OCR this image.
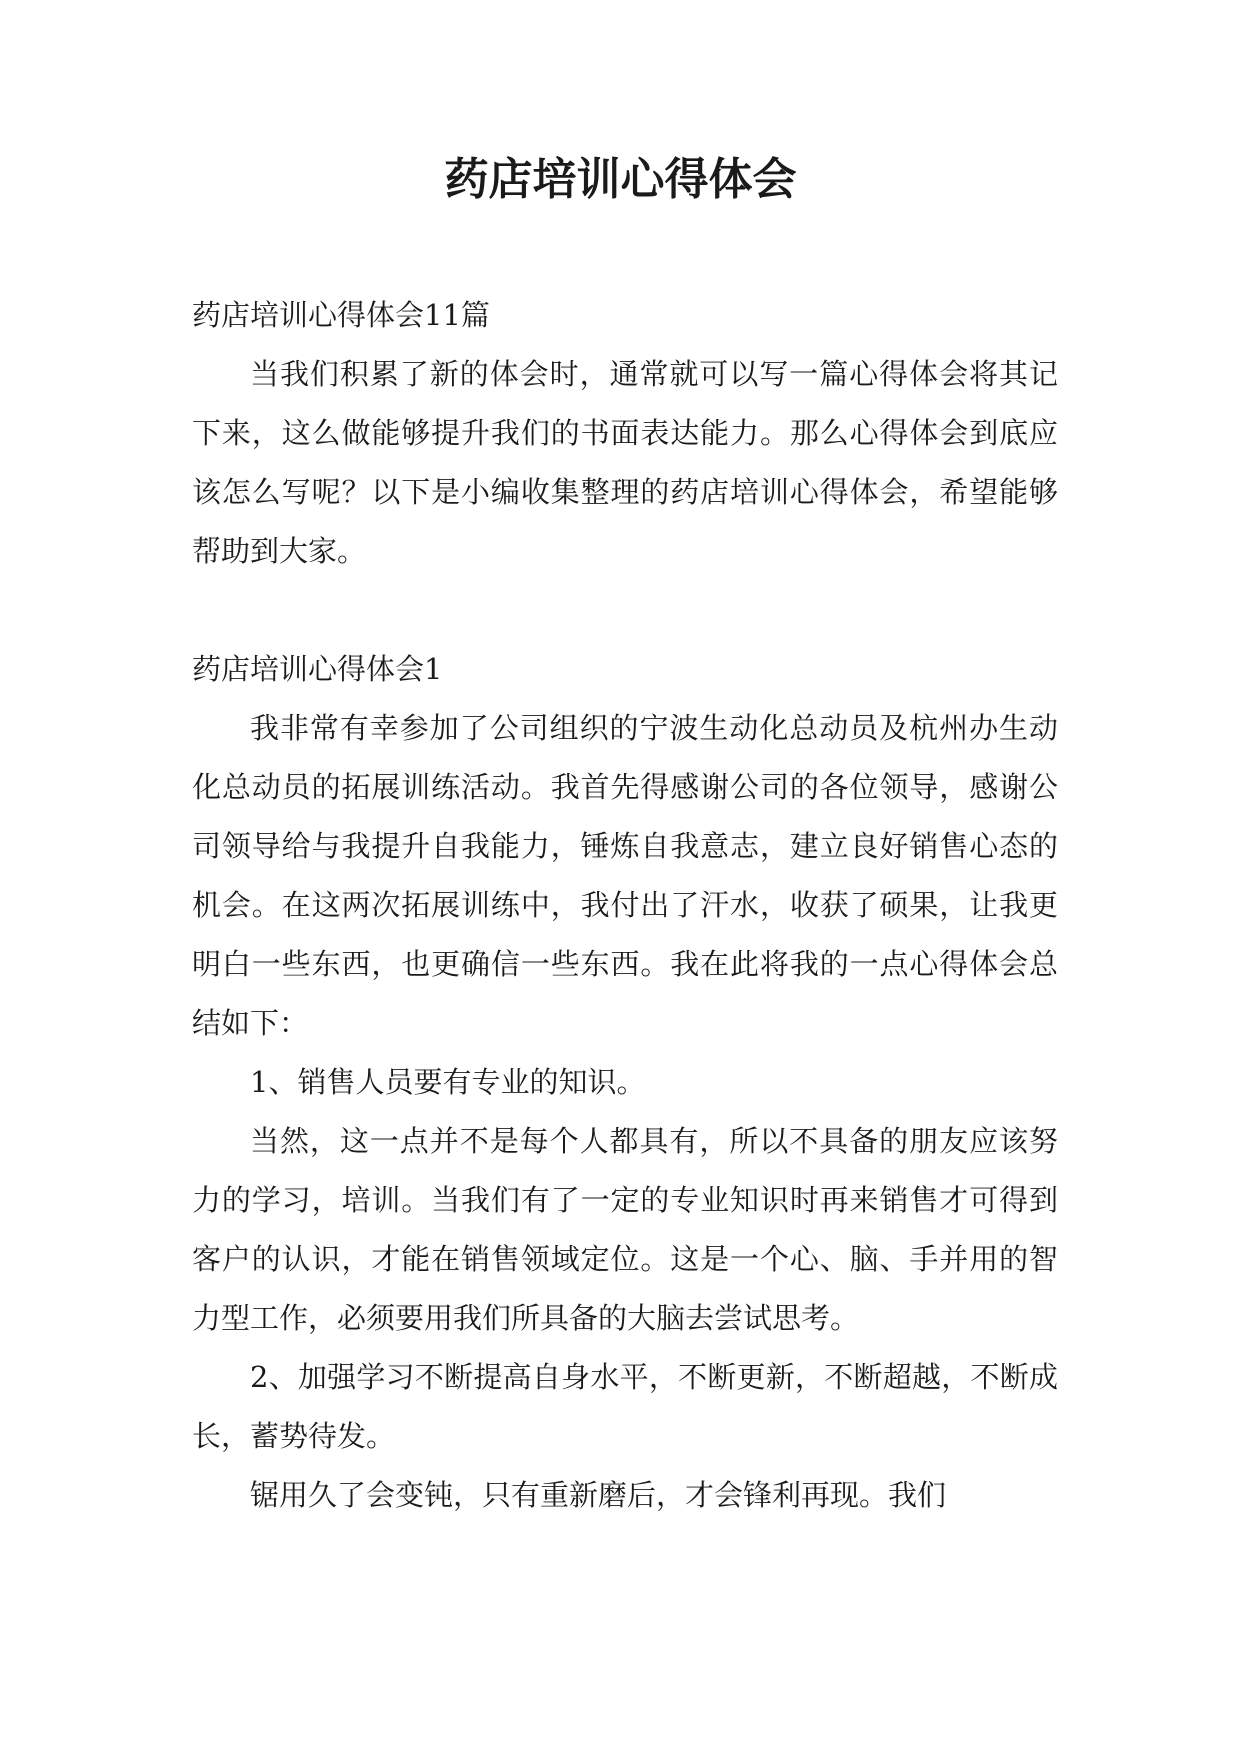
药店培训心得体会

药店培训心得体会11篇

当我们积累了新的体会时，通常就可以写一篇心得体会将其记下来，这么做能够提升我们的书面表达能力。那么心得体会到底应该怎么写呢？以下是小编收集整理的药店培训心得体会，希望能够帮助到大家。

药店培训心得体会1

我非常有幸参加了公司组织的宁波生动化总动员及杭州办生动化总动员的拓展训练活动。我首先得感谢公司的各位领导，感谢公司领导给与我提升自我能力，锤炼自我意志，建立良好销售心态的机会。在这两次拓展训练中，我付出了汗水，收获了硕果，让我更明白一些东西，也更确信一些东西。我在此将我的一点心得体会总结如下：

1、销售人员要有专业的知识。

当然，这一点并不是每个人都具有，所以不具备的朋友应该努力的学习，培训。当我们有了一定的专业知识时再来销售才可得到客户的认识，才能在销售领域定位。这是一个心、脑、手并用的智力型工作，必须要用我们所具备的大脑去尝试思考。

2、加强学习不断提高自身水平，不断更新，不断超越，不断成长，蓄势待发。

锯用久了会变钝，只有重新磨后，才会锋利再现。我们
